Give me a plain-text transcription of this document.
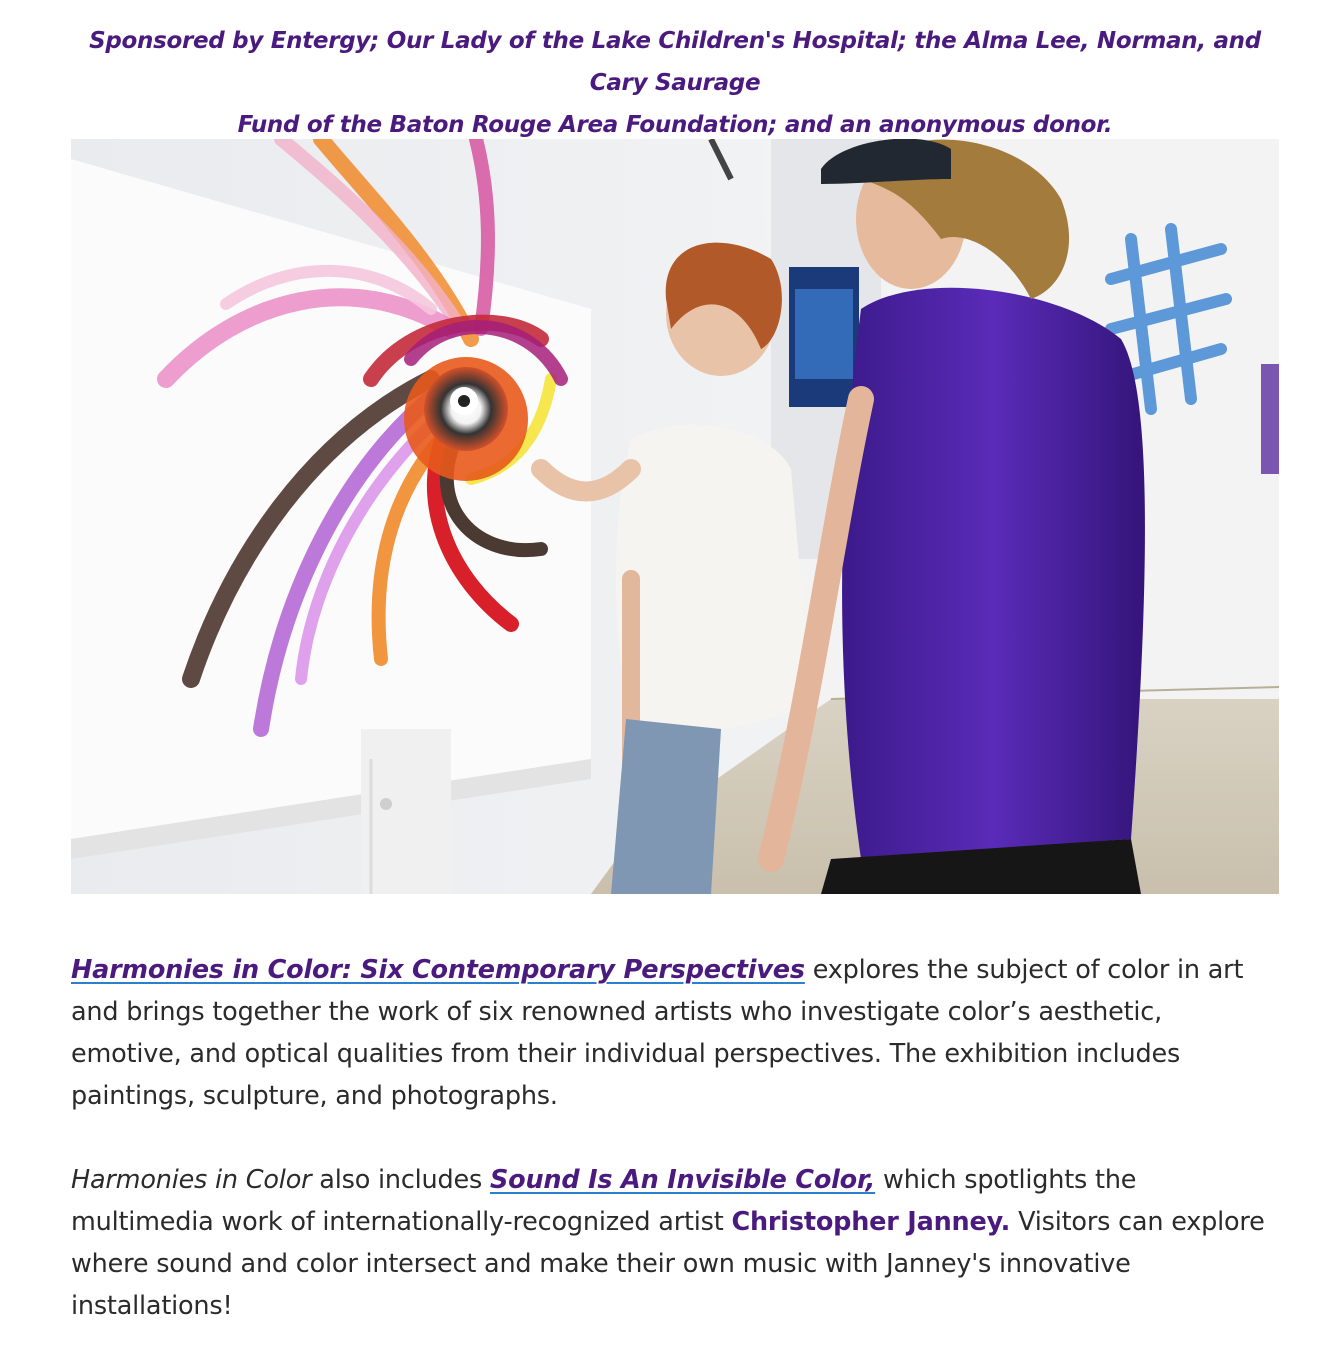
Sponsored by Entergy; Our Lady of the Lake Children's Hospital; the Alma Lee, Norman, and Cary Saurage
Fund of the Baton Rouge Area Foundation; and an anonymous donor.

Harmonies in Color: Six Contemporary Perspectives explores the subject of color in art and brings together the work of six renowned artists who investigate color’s aesthetic, emotive, and optical qualities from their individual perspectives. The exhibition includes paintings, sculpture, and photographs.

Harmonies in Color also includes Sound Is An Invisible Color, which spotlights the multimedia work of internationally-recognized artist Christopher Janney. Visitors can explore where sound and color intersect and make their own music with Janney's innovative installations!
